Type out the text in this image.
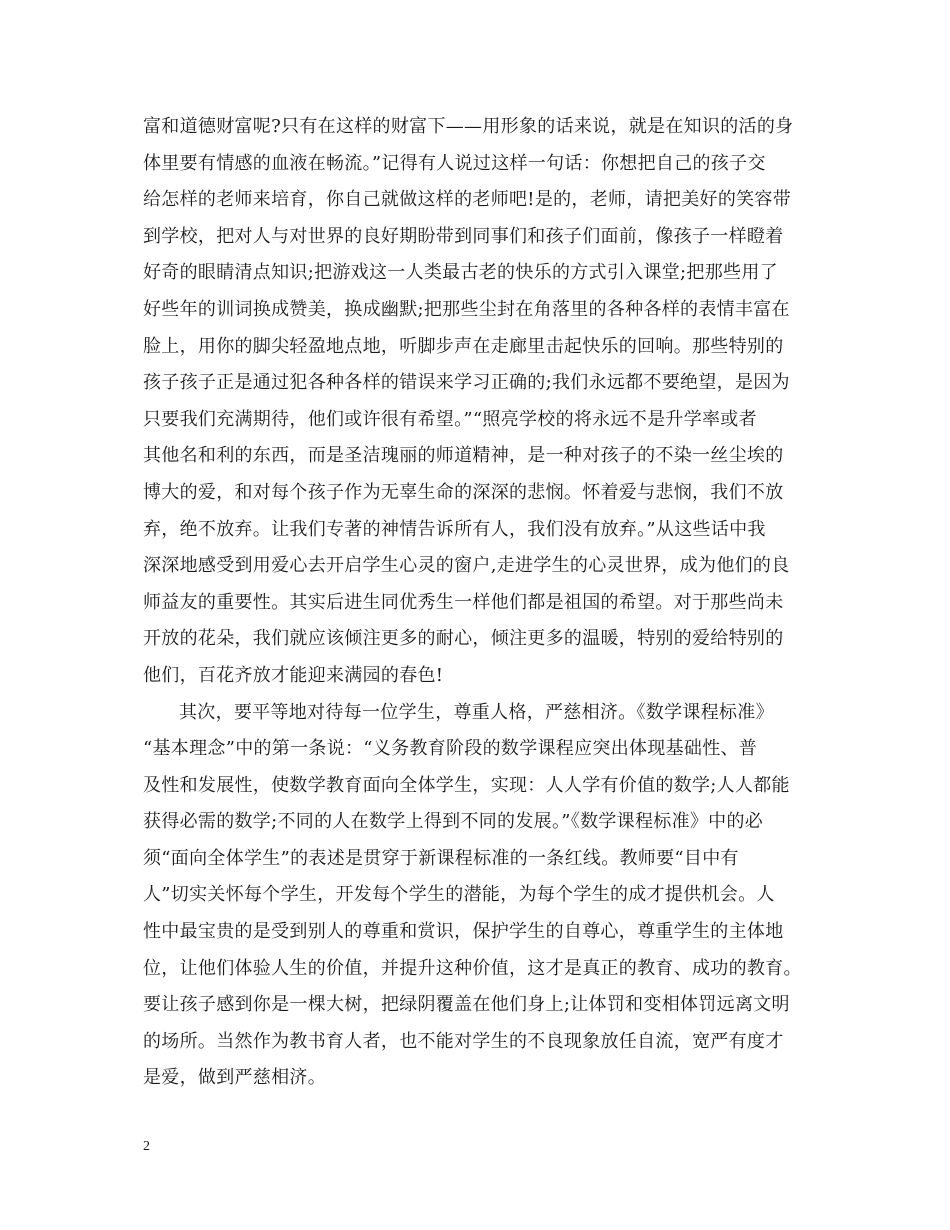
富和道德财富呢?只有在这样的财富下——用形象的话来说，就是在知识的活的身
体里要有情感的血液在畅流。”记得有人说过这样一句话：你想把自己的孩子交
给怎样的老师来培育，你自己就做这样的老师吧!是的，老师，请把美好的笑容带
到学校，把对人与对世界的良好期盼带到同事们和孩子们面前，像孩子一样瞪着
好奇的眼睛清点知识;把游戏这一人类最古老的快乐的方式引入课堂;把那些用了
好些年的训词换成赞美，换成幽默;把那些尘封在角落里的各种各样的表情丰富在
脸上，用你的脚尖轻盈地点地，听脚步声在走廊里击起快乐的回响。那些特别的
孩子孩子正是通过犯各种各样的错误来学习正确的;我们永远都不要绝望，是因为
只要我们充满期待，他们或许很有希望。”“照亮学校的将永远不是升学率或者
其他名和利的东西，而是圣洁瑰丽的师道精神，是一种对孩子的不染一丝尘埃的
博大的爱，和对每个孩子作为无辜生命的深深的悲悯。怀着爱与悲悯，我们不放
弃，绝不放弃。让我们专著的神情告诉所有人，我们没有放弃。”从这些话中我
深深地感受到用爱心去开启学生心灵的窗户,走进学生的心灵世界，成为他们的良
师益友的重要性。其实后进生同优秀生一样他们都是祖国的希望。对于那些尚未
开放的花朵，我们就应该倾注更多的耐心，倾注更多的温暖，特别的爱给特别的
他们，百花齐放才能迎来满园的春色!
其次，要平等地对待每一位学生，尊重人格，严慈相济。《数学课程标准》
“基本理念”中的第一条说：“义务教育阶段的数学课程应突出体现基础性、普
及性和发展性，使数学教育面向全体学生，实现：人人学有价值的数学;人人都能
获得必需的数学;不同的人在数学上得到不同的发展。”《数学课程标准》中的必
须“面向全体学生”的表述是贯穿于新课程标准的一条红线。教师要“目中有
人”切实关怀每个学生，开发每个学生的潜能，为每个学生的成才提供机会。人
性中最宝贵的是受到别人的尊重和赏识，保护学生的自尊心，尊重学生的主体地
位，让他们体验人生的价值，并提升这种价值，这才是真正的教育、成功的教育。
要让孩子感到你是一棵大树，把绿阴覆盖在他们身上;让体罚和变相体罚远离文明
的场所。当然作为教书育人者，也不能对学生的不良现象放任自流，宽严有度才
是爱，做到严慈相济。
2
